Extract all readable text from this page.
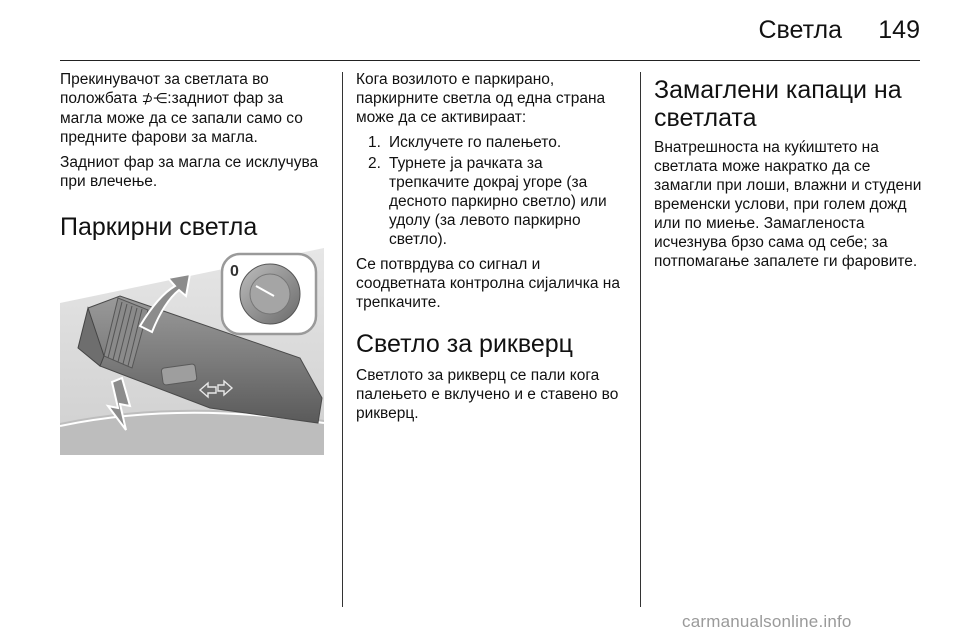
Светла 149

Прекинувачот за светлата во положбата ⊅⋲:задниот фар за магла може да се запали само со предните фарови за магла.

Задниот фар за магла се исклучува при влечење.

Паркирни светла
0

Кога возилото е паркирано, паркирните светла од една страна може да се активираат:

1. Исклучете го палењето.
2. Турнете ја рачката за трепкачите докрај угоре (за десното паркирно светло) или удолу (за левото паркирно светло).

Се потврдува со сигнал и соодветната контролна сијаличка на трепкачите.

Светло за рикверц

Светлото за рикверц се пали кога палењето е вклучено и е ставено во рикверц.

Замаглени капаци на светлата

Внатрешноста на куќиштето на светлата може накратко да се замагли при лоши, влажни и студени временски услови, при голем дожд или по миење. Замагленоста исчезнува брзо сама од себе; за потпомагање запалете ги фаровите.

carmanualsonline.info
